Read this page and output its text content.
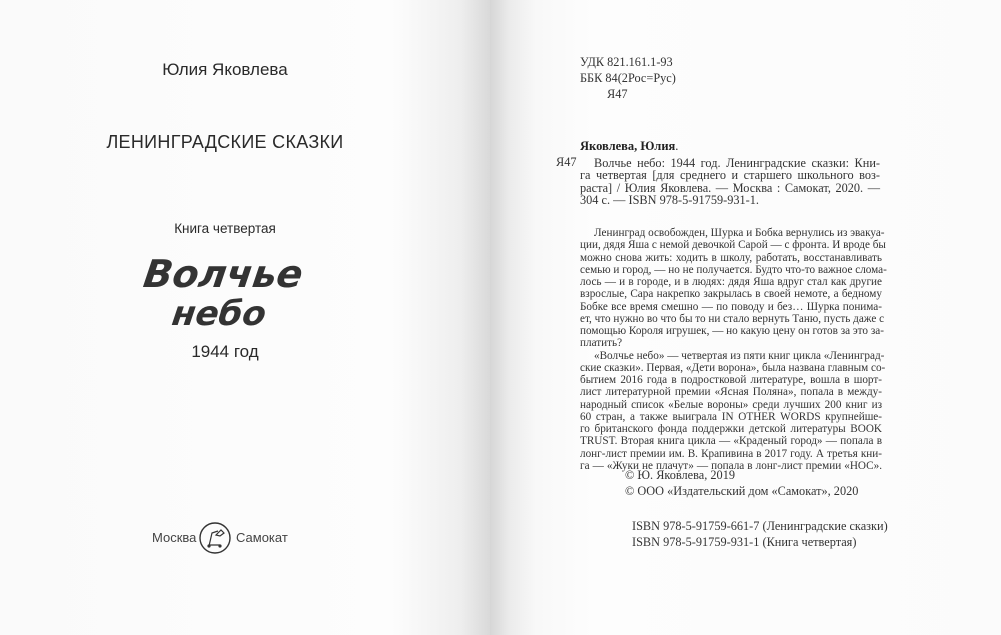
Юлия Яковлева
ЛЕНИНГРАДСКИЕ СКАЗКИ
Книга четвертая
Волчье
небо
1944 год
Москва	Самокат
УДК 821.161.1-93
ББК 84(2Рос=Рус)
Я47
Яковлева, Юлия.
Я47	Волчье небо: 1944 год. Ленинградские сказки: Кни-
га четвертая [для среднего и старшего школьного воз-
раста] / Юлия Яковлева. — Москва : Самокат, 2020. —
304 с. — ISBN 978-5-91759-931-1.
Ленинград освобожден, Шурка и Бобка вернулись из эвакуа-
ции, дядя Яша с немой девочкой Сарой — с фронта. И вроде бы
можно снова жить: ходить в школу, работать, восстанавливать
семью и город, — но не получается. Будто что-то важное слома-
лось — и в городе, и в людях: дядя Яша вдруг стал как другие
взрослые, Сара накрепко закрылась в своей немоте, а бедному
Бобке все время смешно — по поводу и без… Шурка понима-
ет, что нужно во что бы то ни стало вернуть Таню, пусть даже с
помощью Короля игрушек, — но какую цену он готов за это за-
платить?
«Волчье небо» — четвертая из пяти книг цикла «Ленинград-
ские сказки». Первая, «Дети ворона», была названа главным со-
бытием 2016 года в подростковой литературе, вошла в шорт-
лист литературной премии «Ясная Поляна», попала в между-
народный список «Белые вороны» среди лучших 200 книг из
60 стран, а также выиграла IN OTHER WORDS крупнейше-
го британского фонда поддержки детской литературы BOOK
TRUST. Вторая книга цикла — «Краденый город» — попала в
лонг-лист премии им. В. Крапивина в 2017 году. А третья кни-
га — «Жуки не плачут» — попала в лонг-лист премии «НОС».
© Ю. Яковлева, 2019
© ООО «Издательский дом «Самокат», 2020
ISBN 978-5-91759-661-7 (Ленинградские сказки)
ISBN 978-5-91759-931-1 (Книга четвертая)
